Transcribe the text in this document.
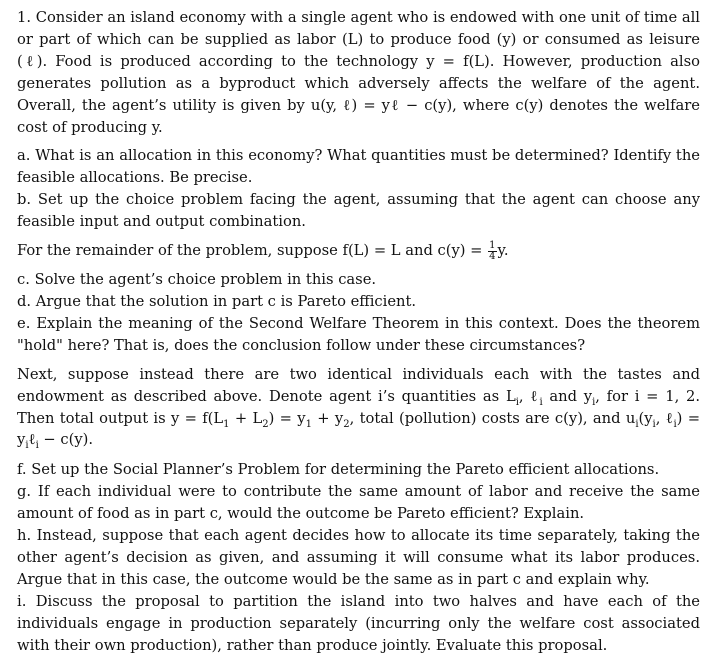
1. Consider an island economy with a single agent who is endowed with one unit of time all or part of which can be supplied as labor (L) to produce food (y) or consumed as leisure (ℓ). Food is produced according to the technology y = f(L). However, production also generates pollution as a byproduct which adversely affects the welfare of the agent. Overall, the agent’s utility is given by u(y, ℓ) = yℓ − c(y), where c(y) denotes the welfare cost of producing y.

a. What is an allocation in this economy? What quantities must be determined? Identify the feasible allocations. Be precise.

b. Set up the choice problem facing the agent, assuming that the agent can choose any feasible input and output combination.

For the remainder of the problem, suppose f(L) = L and $c(y) = \frac{1}{4} y$.

c. Solve the agent’s choice problem in this case.

d. Argue that the solution in part c is Pareto efficient.

e. Explain the meaning of the Second Welfare Theorem in this context. Does the theorem "hold" here? That is, does the conclusion follow under these circumstances?

Next, suppose instead there are two identical individuals each with the tastes and endowment as described above. Denote agent i’s quantities as $L_i$, ℓ$_i$ and $y_i$, for i = 1, 2. Then total output is $y = f(L_1 + L_2) = y_1 + y_2$, total (pollution) costs are c(y), and $u_i(y_i$, ℓ$_i$) = $y_i\ell_i - c(y)$.

f. Set up the Social Planner’s Problem for determining the Pareto efficient allocations.

g. If each individual were to contribute the same amount of labor and receive the same amount of food as in part c, would the outcome be Pareto efficient? Explain.

h. Instead, suppose that each agent decides how to allocate its time separately, taking the other agent’s decision as given, and assuming it will consume what its labor produces. Argue that in this case, the outcome would be the same as in part c and explain why.

i. Discuss the proposal to partition the island into two halves and have each of the individuals engage in production separately (incurring only the welfare cost associated with their own production), rather than produce jointly. Evaluate this proposal.
